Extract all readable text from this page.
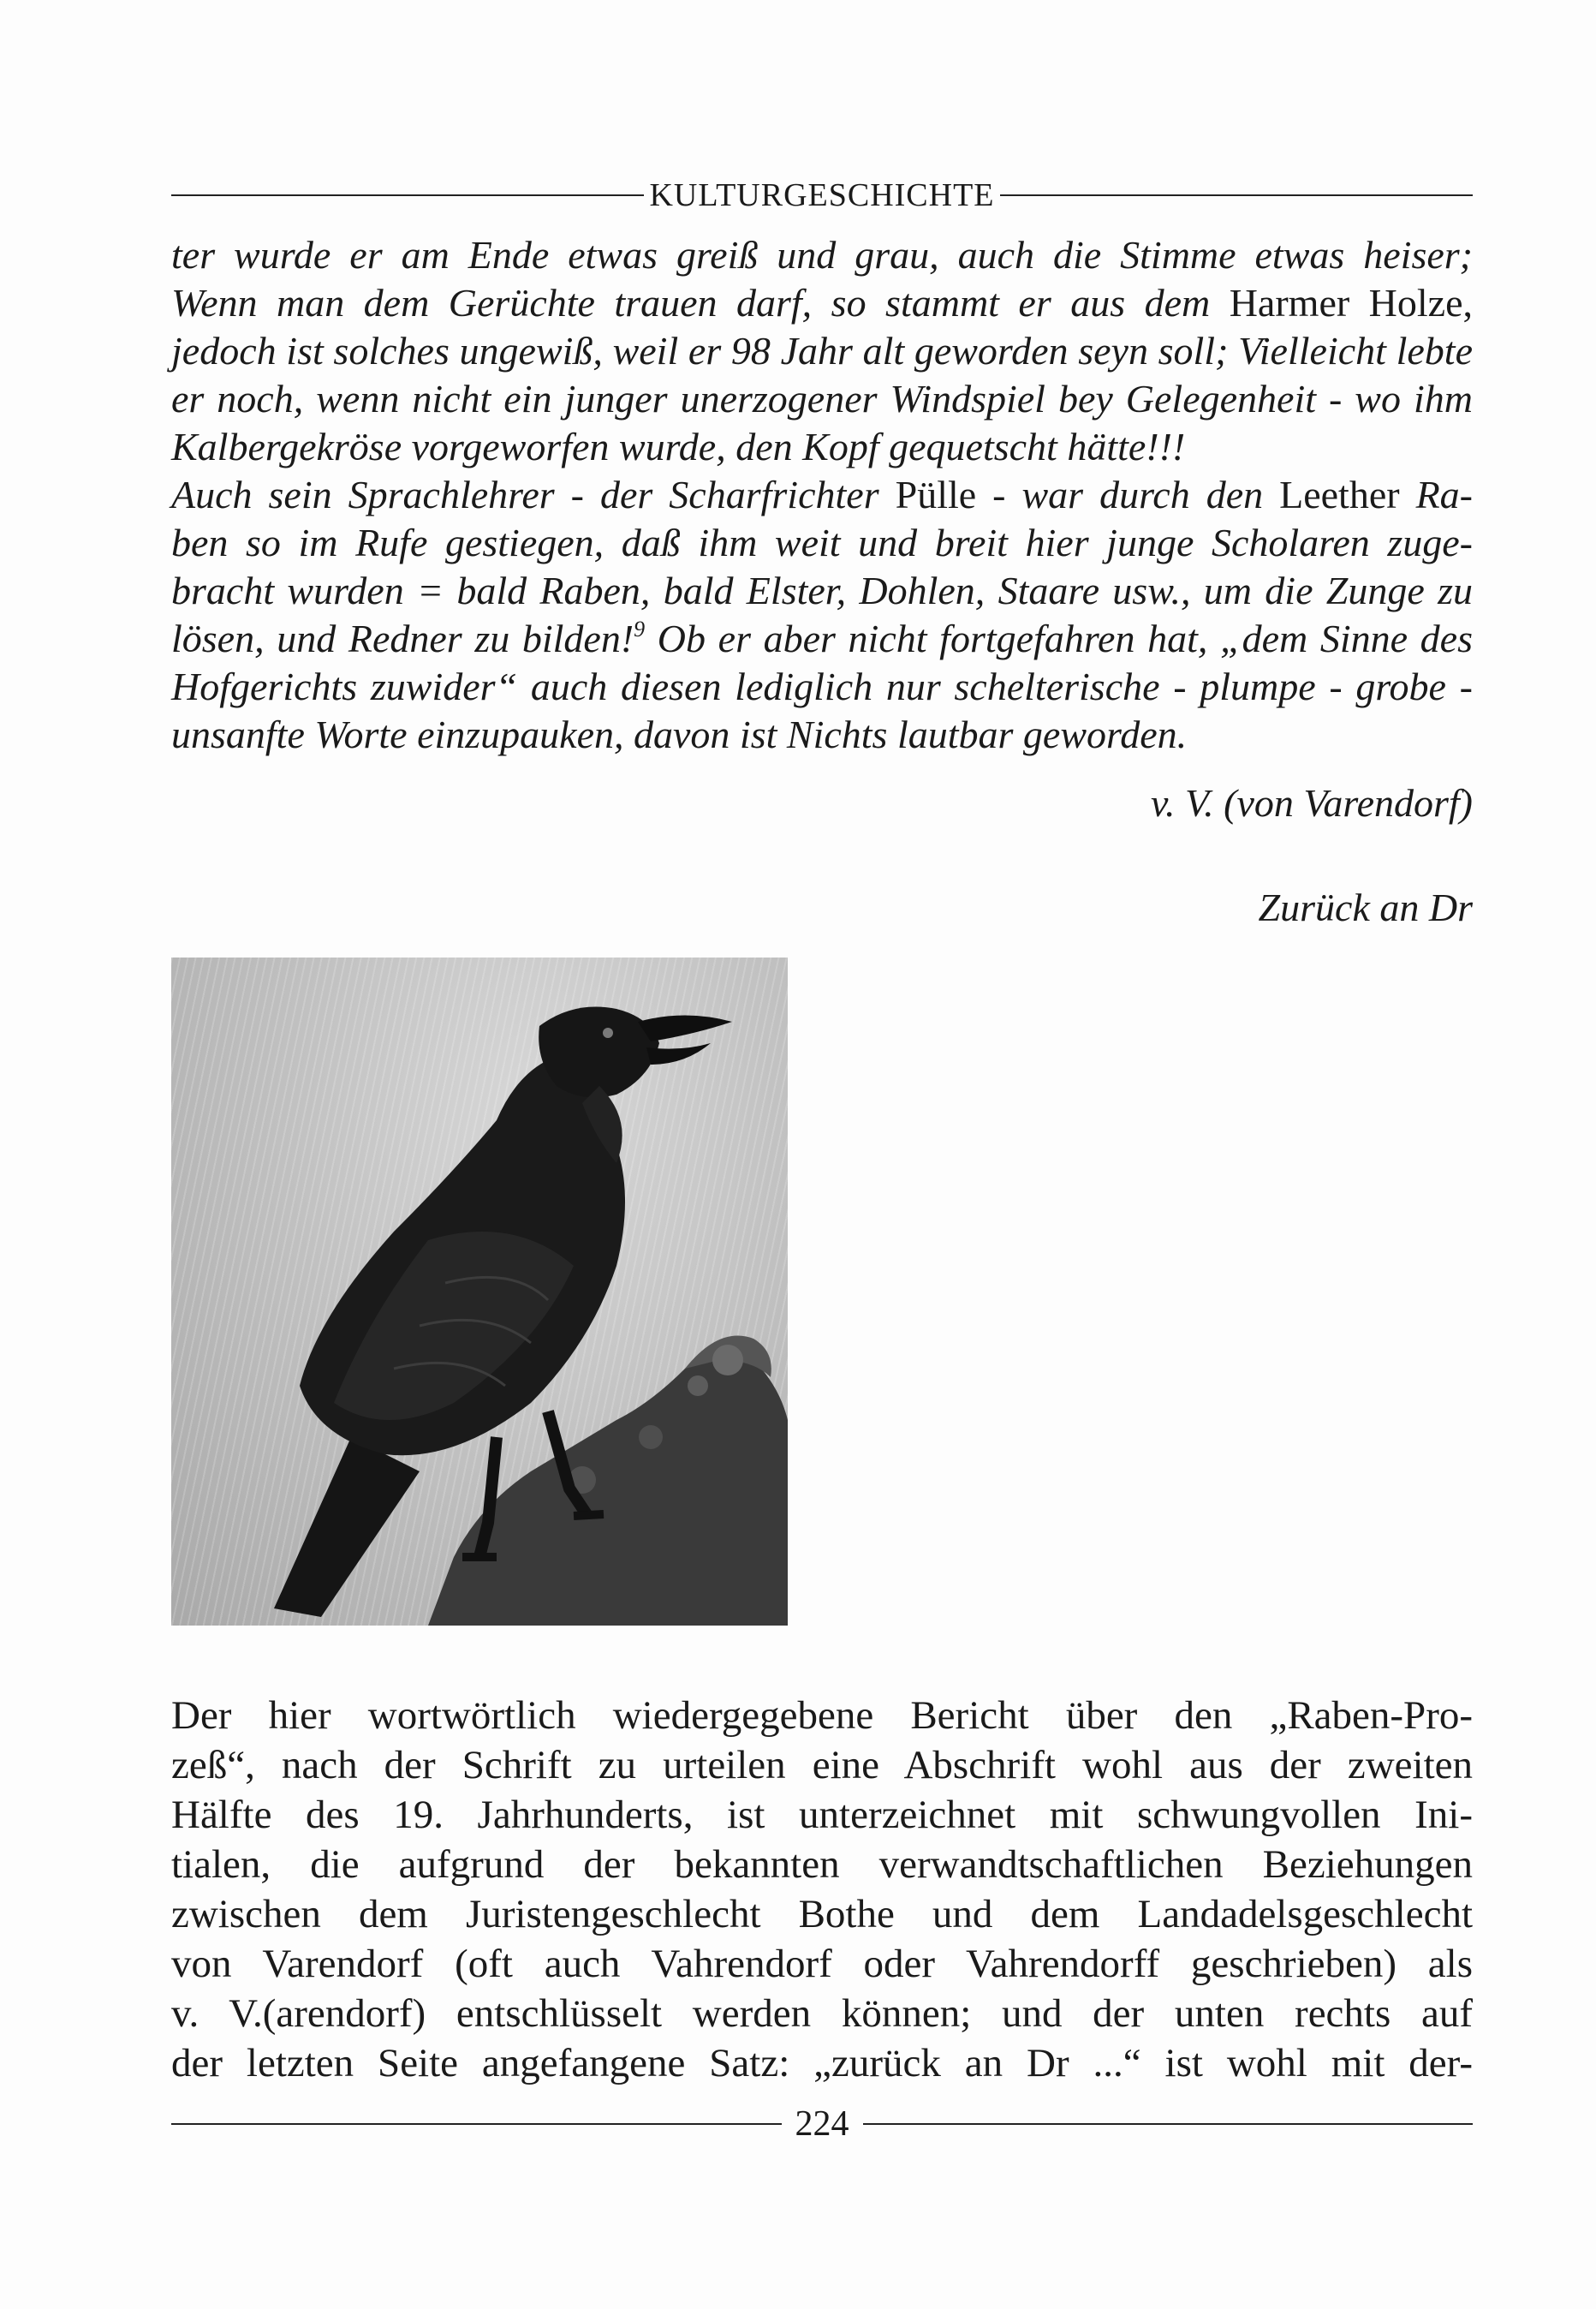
KULTURGESCHICHTE
ter wurde er am Ende etwas greiß und grau, auch die Stimme etwas heiser;
Wenn man dem Gerüchte trauen darf, so stammt er aus dem Harmer Holze,
jedoch ist solches ungewiß, weil er 98 Jahr alt geworden seyn soll; Vielleicht lebte
er noch, wenn nicht ein junger unerzogener Windspiel bey Gelegenheit - wo ihm
Kalbergekröse vorgeworfen wurde, den Kopf gequetscht hätte!!!
Auch sein Sprachlehrer - der Scharfrichter Pülle - war durch den Leether Ra-
ben so im Rufe gestiegen, daß ihm weit und breit hier junge Scholaren zuge-
bracht wurden = bald Raben, bald Elster, Dohlen, Staare usw., um die Zunge zu
lösen, und Redner zu bilden!$^9$ Ob er aber nicht fortgefahren hat, „dem Sinne des
Hofgerichts zuwider“ auch diesen lediglich nur schelterische - plumpe - grobe -
unsanfte Worte einzupauken, davon ist Nichts lautbar geworden.
v. V. (von Varendorf)
Zurück an Dr
Der hier wortwörtlich wiedergegebene Bericht über den „Raben-Pro-
zeß“, nach der Schrift zu urteilen eine Abschrift wohl aus der zweiten
Hälfte des 19. Jahrhunderts, ist unterzeichnet mit schwungvollen Ini-
tialen, die aufgrund der bekannten verwandtschaftlichen Beziehungen
zwischen dem Juristengeschlecht Bothe und dem Landadelsgeschlecht
von Varendorf (oft auch Vahrendorf oder Vahrendorff geschrieben) als
v. V.(arendorf) entschlüsselt werden können; und der unten rechts auf
der letzten Seite angefangene Satz: „zurück an Dr ...“ ist wohl mit der-
224
